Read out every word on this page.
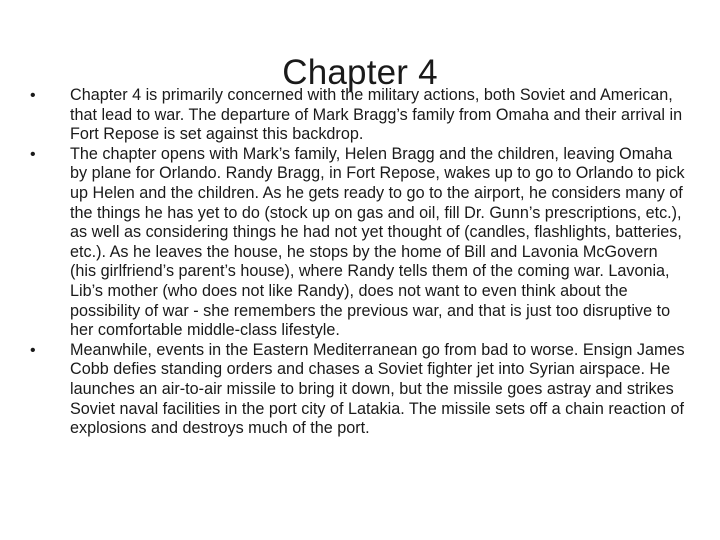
Chapter 4
•	Chapter 4 is primarily concerned with the military actions, both Soviet and American, that lead to war. The departure of Mark Bragg’s family from Omaha and their arrival in Fort Repose is set against this backdrop.
•	The chapter opens with Mark’s family, Helen Bragg and the children, leaving Omaha by plane for Orlando. Randy Bragg, in Fort Repose, wakes up to go to Orlando to pick up Helen and the children. As he gets ready to go to the airport, he considers many of the things he has yet to do (stock up on gas and oil, fill Dr. Gunn’s prescriptions, etc.), as well as considering things he had not yet thought of (candles, flashlights, batteries, etc.). As he leaves the house, he stops by the home of Bill and Lavonia McGovern (his girlfriend’s parent’s house), where Randy tells them of the coming war. Lavonia, Lib’s mother (who does not like Randy), does not want to even think about the possibility of war - she remembers the previous war, and that is just too disruptive to her comfortable middle-class lifestyle.
•	Meanwhile, events in the Eastern Mediterranean go from bad to worse. Ensign James Cobb defies standing orders and chases a Soviet fighter jet into Syrian airspace. He launches an air-to-air missile to bring it down, but the missile goes astray and strikes Soviet naval facilities in the port city of Latakia. The missile sets off a chain reaction of explosions and destroys much of the port.
